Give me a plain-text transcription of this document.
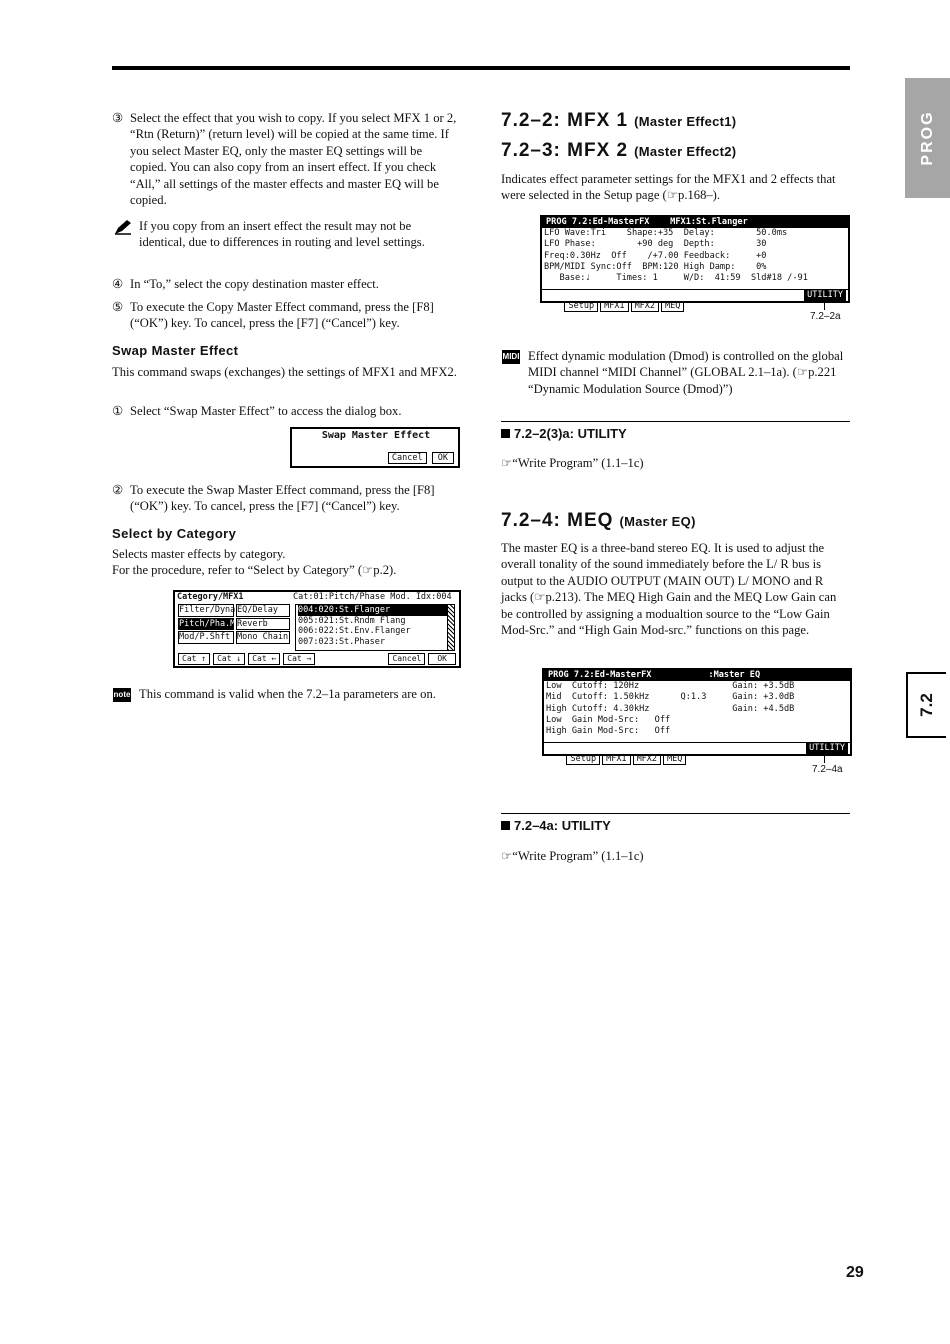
PROG
7.2
③ Select the effect that you wish to copy. If you select MFX 1 or 2, “Rtn (Return)” (return level) will be copied at the same time. If you select Master EQ, only the master EQ settings will be copied. You can also copy from an insert effect. If you check “All,” all settings of the master effects and master EQ will be copied.
If you copy from an insert effect the result may not be identical, due to differences in routing and level settings.
④ In “To,” select the copy destination master effect.
⑤ To execute the Copy Master Effect command, press the [F8] (“OK”) key. To cancel, press the [F7] (“Cancel”) key.
Swap Master Effect
This command swaps (exchanges) the settings of MFX1 and MFX2.
① Select “Swap Master Effect” to access the dialog box.
Swap Master Effect
Cancel OK
② To execute the Swap Master Effect command, press the [F8] (“OK”) key. To cancel, press the [F7] (“Cancel”) key.
Select by Category
Selects master effects by category.
For the procedure, refer to “Select by Category” (☞p.2).
Category/MFX1	Cat:01:Pitch/Phase Mod. Idx:004
Filter/Dyna EQ/Delay
Pitch/Pha.M Reverb
Mod/P.Shft Mono Chain
004:020:St.Flanger
005:021:St.Rndm Flang
006:022:St.Env.Flanger
007:023:St.Phaser
Cat ↑	Cat ↓	Cat ←	Cat →	Cancel	OK
note This command is valid when the 7.2–1a parameters are on.
7.2–2: MFX 1 (Master Effect1)
7.2–3: MFX 2 (Master Effect2)
Indicates effect parameter settings for the MFX1 and 2 effects that were selected in the Setup page (☞p.168–).
PROG 7.2:Ed-MasterFX    MFX1:St.Flanger
LFO Wave:Tri    Shape:+35  Delay:        50.0ms
LFO Phase:        +90 deg  Depth:        30
Freq:0.30Hz  Off    /+7.00 Feedback:     +0
BPM/MIDI Sync:Off  BPM:120 High Damp:    0%
Base:♩     Times: 1     W/D:  41:59  Sld#18 /-91

Setup MFX1 MFX2 MEQ

UTILITY

7.2–2a
MIDI Effect dynamic modulation (Dmod) is controlled on the global MIDI channel “MIDI Channel” (GLOBAL 2.1–1a). (☞p.221 “Dynamic Modulation Source (Dmod)”)
7.2–2(3)a: UTILITY
☞“Write Program” (1.1–1c)
7.2–4: MEQ (Master EQ)
The master EQ is a three-band stereo EQ. It is used to adjust the overall tonality of the sound immediately before the L/ R bus is output to the AUDIO OUTPUT (MAIN OUT) L/ MONO and R jacks (☞p.213). The MEQ High Gain and the MEQ Low Gain can be controlled by assigning a modualtion source to the “Low Gain Mod-Src.” and “High Gain Mod-src.” functions on this page.
PROG 7.2:Ed-MasterFX           :Master EQ
Low  Cutoff: 120Hz                  Gain: +3.5dB
Mid  Cutoff: 1.50kHz      Q:1.3     Gain: +3.0dB
High Cutoff: 4.30kHz                Gain: +4.5dB
Low  Gain Mod-Src:   Off
High Gain Mod-Src:   Off

Setup MFX1 MFX2 MEQ

UTILITY

7.2–4a
7.2–4a: UTILITY
☞“Write Program” (1.1–1c)
29
